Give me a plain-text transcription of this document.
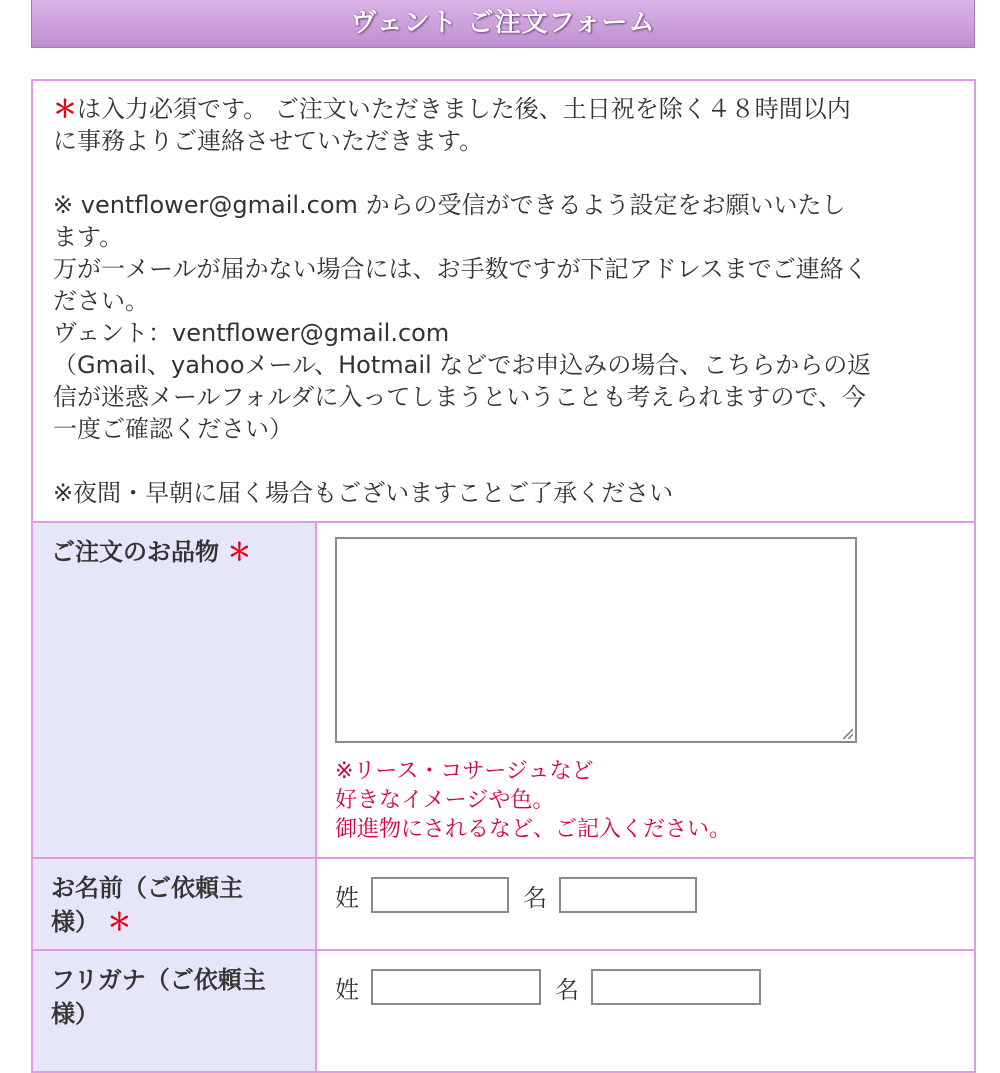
ヴェント ご注文フォーム

＊は入力必須です。 ご注文いただきました後、土日祝を除く４８時間以内

に事務よりご連絡させていただきます。

※ ventflower@gmail.com からの受信ができるよう設定をお願いいたし

ます。

万が一メールが届かない場合には、お手数ですが下記アドレスまでご連絡く

ださい。

ヴェント：ventflower@gmail.com

（Gmail、yahooメール、Hotmail などでお申込みの場合、こちらからの返

信が迷惑メールフォルダに入ってしまうということも考えられますので、今

一度ご確認ください）

※夜間・早朝に届く場合もございますことご了承ください

ご注文のお品物 ＊
※リース・コサージュなど
好きなイメージや色。
御進物にされるなど、ご記入ください。
お名前（ご依頼主
様） ＊
姓	名
フリガナ（ご依頼主
様）
姓	名
